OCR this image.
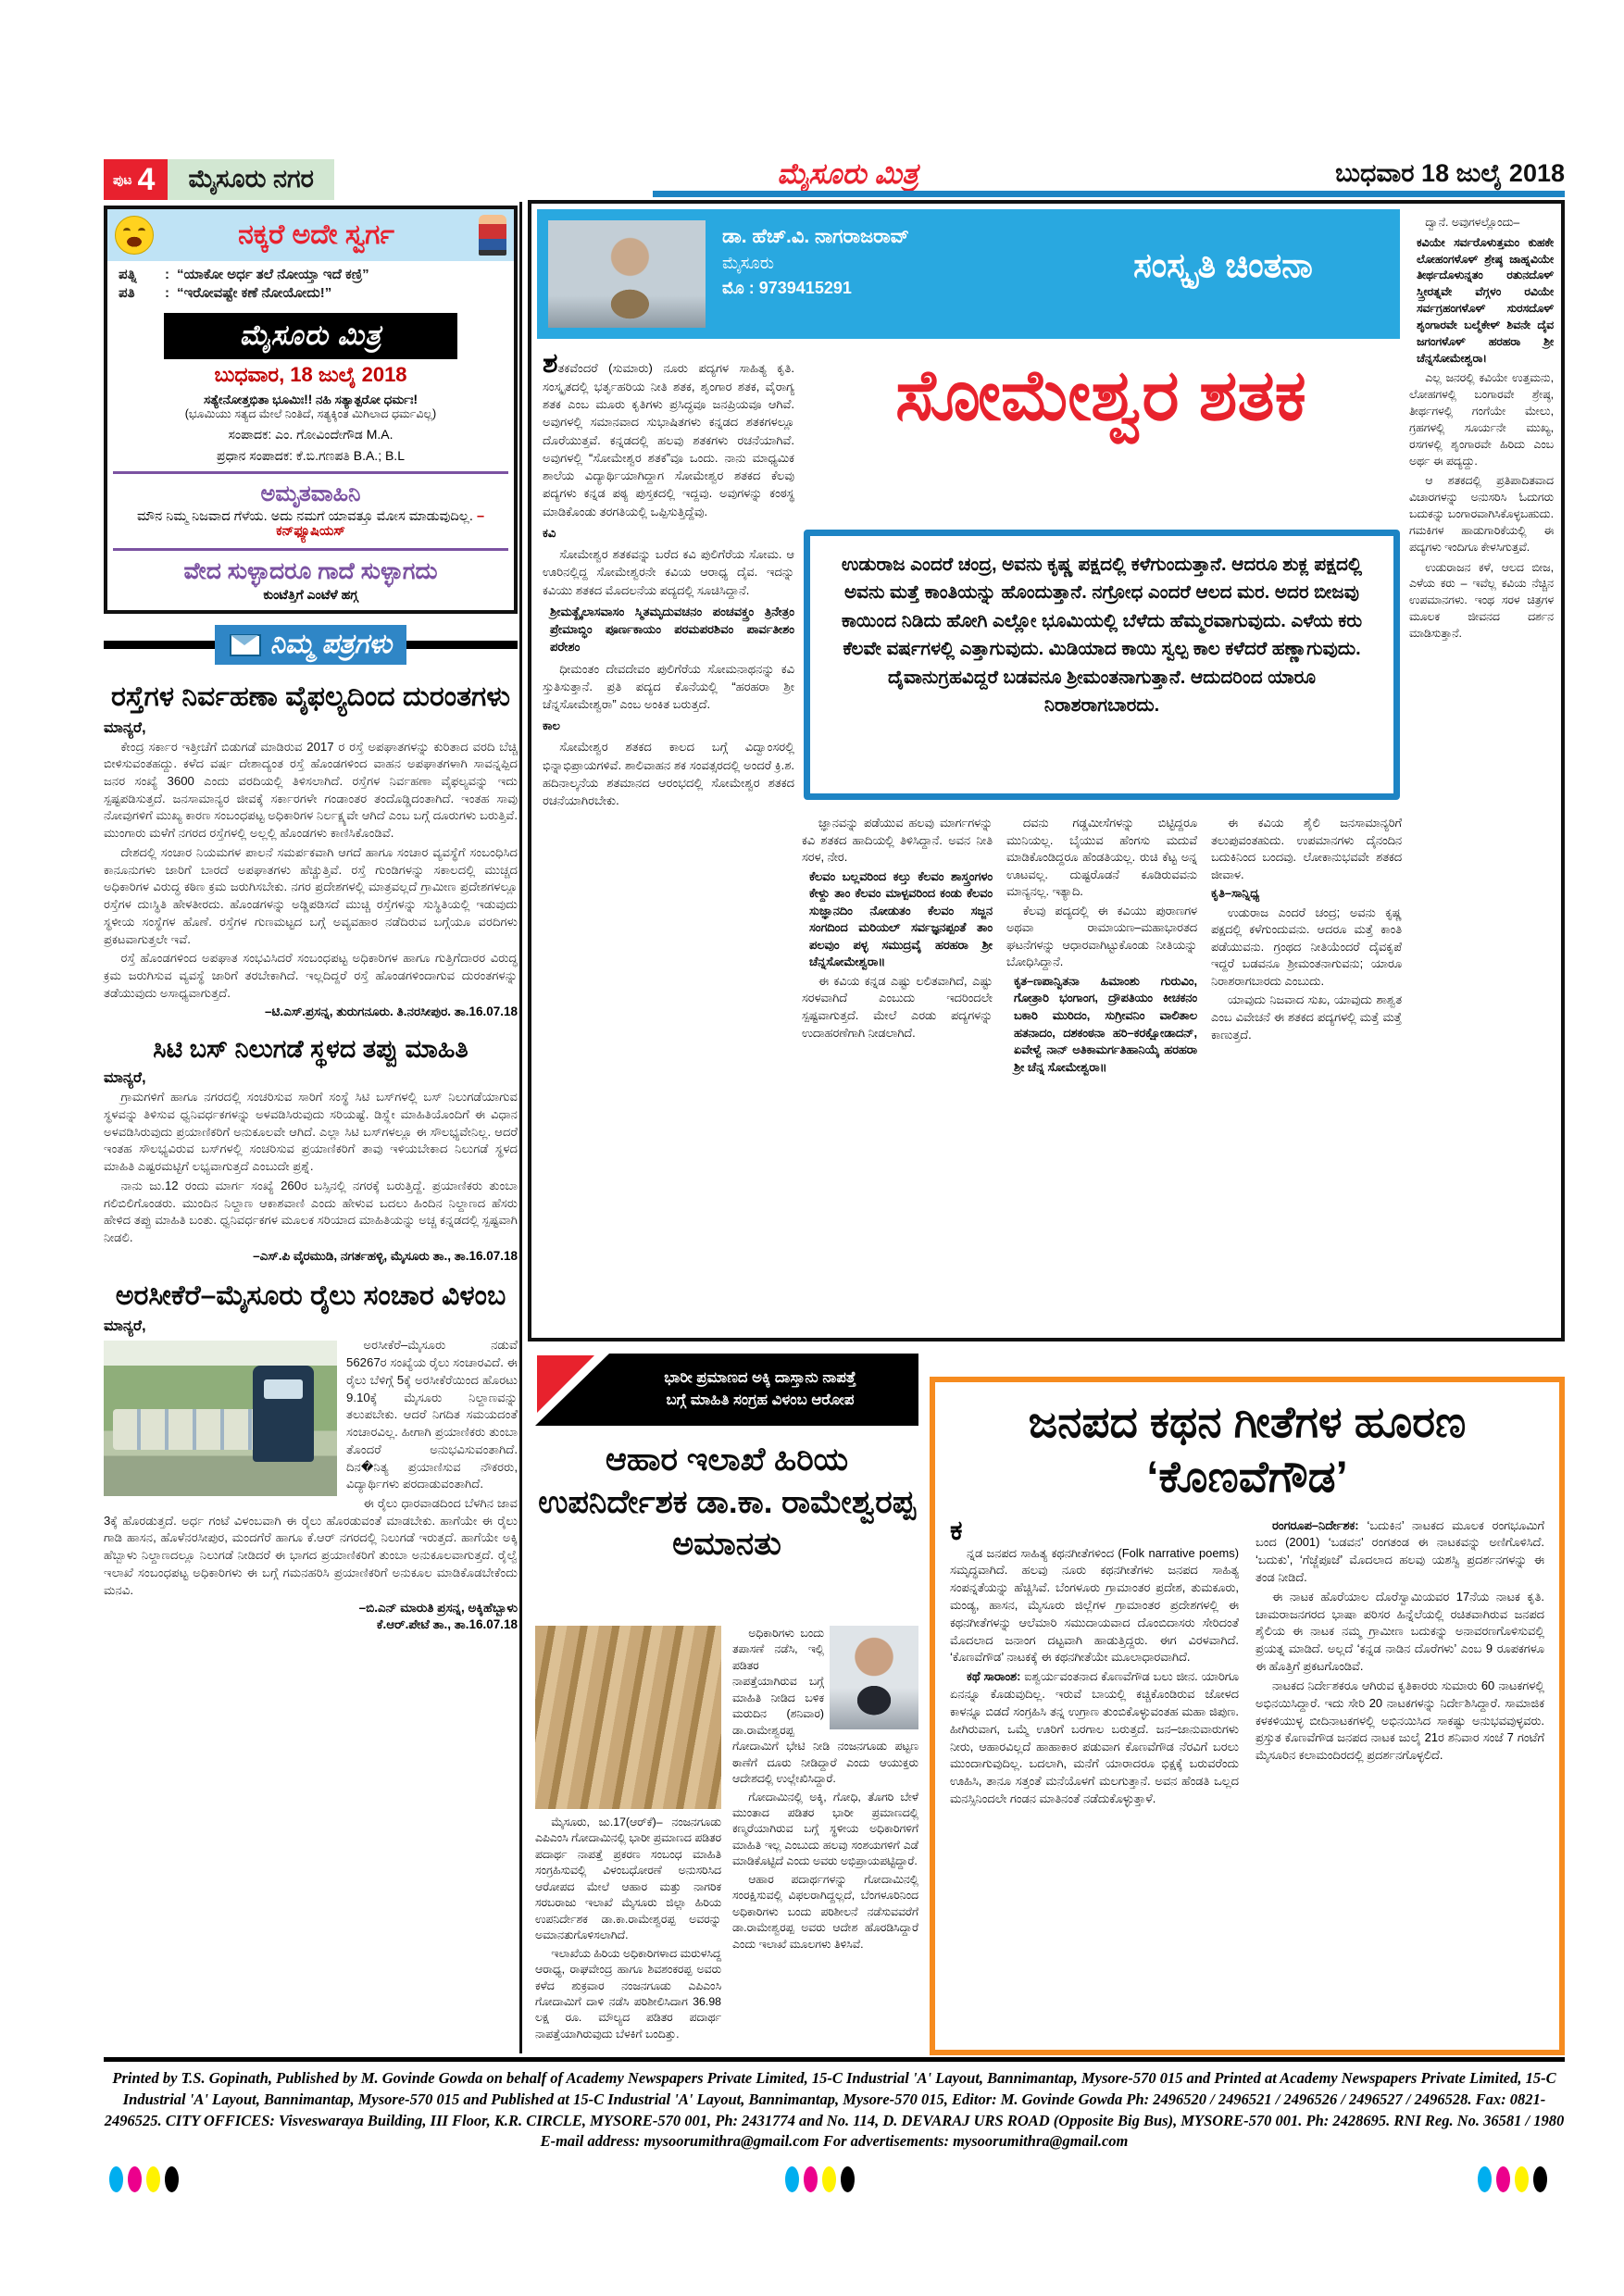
ಪುಟ 4	ಮೈಸೂರು ನಗರ	ಮೈಸೂರು ಮಿತ್ರ	ಬುಧವಾರ 18 ಜುಲೈ 2018
ನಕ್ಕರೆ ಅದೇ ಸ್ವರ್ಗ
ಪತ್ನಿ	: “ಯಾಕೋ ಅರ್ಧ ತಲೆ ನೋಯ್ತಾ ಇದೆ ಕಣ್ರಿ”
ಪತಿ	: “ಇರೋವಷ್ಟೇ ಕಣೆ ನೋಯೋದು!”
ಮೈಸೂರು ಮಿತ್ರ
ಬುಧವಾರ, 18 ಜುಲೈ 2018
ಸತ್ಯೇನೋತ್ತಭಿತಾ ಭೂಮಿಃ!! ನಹಿ ಸತ್ಯಾತ್ಪರೋ ಧರ್ಮಃ!
(ಭೂಮಿಯು ಸತ್ಯದ ಮೇಲೆ ನಿಂತಿದೆ, ಸತ್ಯಕ್ಕಿಂತ ಮಿಗಿಲಾದ ಧರ್ಮವಿಲ್ಲ)
ಸಂಪಾದಕ: ಎಂ. ಗೋವಿಂದೇಗೌಡ M.A.
ಪ್ರಧಾನ ಸಂಪಾದಕ: ಕೆ.ಬಿ.ಗಣಪತಿ B.A.; B.L
ಅಮೃತವಾಹಿನಿ
ಮೌನ ನಿಮ್ಮ ನಿಜವಾದ ಗೆಳೆಯ. ಅದು ನಮಗೆ ಯಾವತ್ತೂ ಮೋಸ ಮಾಡುವುದಿಲ್ಲ. –ಕನ್‌ಫ್ಯೂಷಿಯಸ್
ವೇದ ಸುಳ್ಳಾದರೂ ಗಾದೆ ಸುಳ್ಳಾಗದು
ಕುಂಟೆತ್ತಿಗೆ ಎಂಟೆಳೆ ಹಗ್ಗ
ನಿಮ್ಮ ಪತ್ರಗಳು
ರಸ್ತೆಗಳ ನಿರ್ವಹಣಾ ವೈಫಲ್ಯದಿಂದ ದುರಂತಗಳು
ಮಾನ್ಯರೆ,

ಕೇಂದ್ರ ಸರ್ಕಾರ ಇತ್ತೀಚೆಗೆ ಬಿಡುಗಡೆ ಮಾಡಿರುವ 2017 ರ ರಸ್ತೆ ಅಪಘಾತಗಳನ್ನು ಕುರಿತಾದ ವರದಿ ಬೆಚ್ಚಿ ಬೀಳಿಸುವಂತಹದ್ದು. ಕಳೆದ ವರ್ಷ ದೇಶಾದ್ಯಂತ ರಸ್ತೆ ಹೊಂಡಗಳಿಂದ ವಾಹನ ಅಪಘಾತಗಳಾಗಿ ಸಾವನ್ನಪ್ಪಿದ ಜನರ ಸಂಖ್ಯೆ 3600 ಎಂದು ವರದಿಯಲ್ಲಿ ತಿಳಿಸಲಾಗಿದೆ. ರಸ್ತೆಗಳ ನಿರ್ವಹಣಾ ವೈಫಲ್ಯವನ್ನು ಇದು ಸ್ಪಷ್ಟಪಡಿಸುತ್ತದೆ. ಜನಸಾಮಾನ್ಯರ ಜೀವಕ್ಕೆ ಸರ್ಕಾರಗಳೇ ಗಂಡಾಂತರ ತಂದೊಡ್ಡಿದಂತಾಗಿದೆ. ಇಂತಹ ಸಾವು ನೋವುಗಳಿಗೆ ಮುಖ್ಯ ಕಾರಣ ಸಂಬಂಧಪಟ್ಟ ಅಧಿಕಾರಿಗಳ ನಿರ್ಲಕ್ಷ್ಯವೇ ಆಗಿದೆ ಎಂಬ ಬಗ್ಗೆ ದೂರುಗಳು ಬರುತ್ತಿವೆ. ಮುಂಗಾರು ಮಳೆಗೆ ನಗರದ ರಸ್ತೆಗಳಲ್ಲಿ ಅಲ್ಲಲ್ಲಿ ಹೊಂಡಗಳು ಕಾಣಿಸಿಕೊಂಡಿವೆ.

ದೇಶದಲ್ಲಿ ಸಂಚಾರ ನಿಯಮಗಳ ಪಾಲನೆ ಸಮರ್ಪಕವಾಗಿ ಆಗದೆ ಹಾಗೂ ಸಂಚಾರ ವ್ಯವಸ್ಥೆಗೆ ಸಂಬಂಧಿಸಿದ ಕಾನೂನುಗಳು ಜಾರಿಗೆ ಬಾರದೆ ಅಪಘಾತಗಳು ಹೆಚ್ಚುತ್ತಿವೆ. ರಸ್ತೆ ಗುಂಡಿಗಳನ್ನು ಸಕಾಲದಲ್ಲಿ ಮುಚ್ಚದ ಅಧಿಕಾರಿಗಳ ವಿರುದ್ಧ ಕಠಿಣ ಕ್ರಮ ಜರುಗಿಸಬೇಕು. ನಗರ ಪ್ರದೇಶಗಳಲ್ಲಿ ಮಾತ್ರವಲ್ಲದೆ ಗ್ರಾಮೀಣ ಪ್ರದೇಶಗಳಲ್ಲೂ ರಸ್ತೆಗಳ ದುಃಸ್ಥಿತಿ ಹೇಳತೀರದು. ಹೊಂಡಗಳನ್ನು ಅಡ್ಡಿಪಡಿಸದೆ ಮುಚ್ಚಿ ರಸ್ತೆಗಳನ್ನು ಸುಸ್ಥಿತಿಯಲ್ಲಿ ಇಡುವುದು ಸ್ಥಳೀಯ ಸಂಸ್ಥೆಗಳ ಹೊಣೆ. ರಸ್ತೆಗಳ ಗುಣಮಟ್ಟದ ಬಗ್ಗೆ ಅವ್ಯವಹಾರ ನಡೆದಿರುವ ಬಗ್ಗೆಯೂ ವರದಿಗಳು ಪ್ರಕಟವಾಗುತ್ತಲೇ ಇವೆ.

ರಸ್ತೆ ಹೊಂಡಗಳಿಂದ ಅಪಘಾತ ಸಂಭವಿಸಿದರೆ ಸಂಬಂಧಪಟ್ಟ ಅಧಿಕಾರಿಗಳ ಹಾಗೂ ಗುತ್ತಿಗೆದಾರರ ವಿರುದ್ಧ ಕ್ರಮ ಜರುಗಿಸುವ ವ್ಯವಸ್ಥೆ ಜಾರಿಗೆ ತರಬೇಕಾಗಿದೆ. ಇಲ್ಲದಿದ್ದರೆ ರಸ್ತೆ ಹೊಂಡಗಳಿಂದಾಗುವ ದುರಂತಗಳನ್ನು ತಡೆಯುವುದು ಅಸಾಧ್ಯವಾಗುತ್ತದೆ.

–ಟಿ.ಎಸ್.ಪ್ರಸನ್ನ, ತುರುಗನೂರು. ತಿ.ನರಸೀಪುರ. ತಾ.16.07.18
ಸಿಟಿ ಬಸ್ ನಿಲುಗಡೆ ಸ್ಥಳದ ತಪ್ಪು ಮಾಹಿತಿ
ಮಾನ್ಯರೆ,

ಗ್ರಾಮಗಳಿಗೆ ಹಾಗೂ ನಗರದಲ್ಲಿ ಸಂಚರಿಸುವ ಸಾರಿಗೆ ಸಂಸ್ಥೆ ಸಿಟಿ ಬಸ್‌ಗಳಲ್ಲಿ ಬಸ್ ನಿಲುಗಡೆಯಾಗುವ ಸ್ಥಳವನ್ನು ತಿಳಿಸುವ ಧ್ವನಿವರ್ಧಕಗಳನ್ನು ಅಳವಡಿಸಿರುವುದು ಸರಿಯಷ್ಟೆ. ಡಿಸ್ಪ್ಲೇ ಮಾಹಿತಿಯೊಂದಿಗೆ ಈ ವಿಧಾನ ಅಳವಡಿಸಿರುವುದು ಪ್ರಯಾಣಿಕರಿಗೆ ಅನುಕೂಲವೇ ಆಗಿದೆ. ಎಲ್ಲಾ ಸಿಟಿ ಬಸ್‌ಗಳಲ್ಲೂ ಈ ಸೌಲಭ್ಯವೇನಿಲ್ಲ. ಆದರೆ ಇಂತಹ ಸೌಲಭ್ಯವಿರುವ ಬಸ್‌ಗಳಲ್ಲಿ ಸಂಚರಿಸುವ ಪ್ರಯಾಣಿಕರಿಗೆ ತಾವು ಇಳಿಯಬೇಕಾದ ನಿಲುಗಡೆ ಸ್ಥಳದ ಮಾಹಿತಿ ಎಷ್ಟರಮಟ್ಟಿಗೆ ಲಭ್ಯವಾಗುತ್ತದೆ ಎಂಬುದೇ ಪ್ರಶ್ನೆ.

ನಾನು ಜು.12 ರಂದು ಮಾರ್ಗ ಸಂಖ್ಯೆ 260ರ ಬಸ್ಸಿನಲ್ಲಿ ನಗರಕ್ಕೆ ಬರುತ್ತಿದ್ದೆ. ಪ್ರಯಾಣಿಕರು ತುಂಬಾ ಗಲಿಬಿಲಿಗೊಂಡರು. ಮುಂದಿನ ನಿಲ್ದಾಣ ಆಕಾಶವಾಣಿ ಎಂದು ಹೇಳುವ ಬದಲು ಹಿಂದಿನ ನಿಲ್ದಾಣದ ಹೆಸರು ಹೇಳಿದ ತಪ್ಪು ಮಾಹಿತಿ ಬಂತು. ಧ್ವನಿವರ್ಧಕಗಳ ಮೂಲಕ ಸರಿಯಾದ ಮಾಹಿತಿಯನ್ನು ಅಚ್ಚ ಕನ್ನಡದಲ್ಲಿ ಸ್ಪಷ್ಟವಾಗಿ ನೀಡಲಿ.

–ಎಸ್.ಪಿ ವೈರಮುಡಿ, ನಗರ್ತಹಳ್ಳಿ, ಮೈಸೂರು ತಾ., ತಾ.16.07.18
ಅರಸೀಕೆರೆ–ಮೈಸೂರು ರೈಲು ಸಂಚಾರ ವಿಳಂಬ
ಮಾನ್ಯರೆ,

ಅರಸೀಕೆರೆ–ಮೈಸೂರು ನಡುವೆ 56267ರ ಸಂಖ್ಯೆಯ ರೈಲು ಸಂಚಾರವಿದೆ. ಈ ರೈಲು ಬೆಳಿಗ್ಗೆ 5ಕ್ಕೆ ಅರಸೀಕೆರೆಯಿಂದ ಹೊರಟು 9.10ಕ್ಕೆ ಮೈಸೂರು ನಿಲ್ದಾಣವನ್ನು ತಲುಪಬೇಕು. ಆದರೆ ನಿಗದಿತ ಸಮಯದಂತೆ ಸಂಚಾರವಿಲ್ಲ. ಹೀಗಾಗಿ ಪ್ರಯಾಣಿಕರು ತುಂಬಾ ತೊಂದರೆ ಅನುಭವಿಸುವಂತಾಗಿದೆ. ದಿನ�ನಿತ್ಯ ಪ್ರಯಾಣಿಸುವ ನೌಕರರು, ವಿದ್ಯಾರ್ಥಿಗಳು ಪರದಾಡುವಂತಾಗಿದೆ.

ಈ ರೈಲು ಧಾರವಾಡದಿಂದ ಬೆಳಗಿನ ಜಾವ 3ಕ್ಕೆ ಹೊರಡುತ್ತದೆ. ಅರ್ಧ ಗಂಟೆ ವಿಳಂಬವಾಗಿ ಈ ರೈಲು ಹೊರಡುವಂತೆ ಮಾಡಬೇಕು. ಹಾಗೆಯೇ ಈ ರೈಲು ಗಾಡಿ ಹಾಸನ, ಹೊಳೆನರಸೀಪುರ, ಮಂದಗೆರೆ ಹಾಗೂ ಕೆ.ಆರ್ ನಗರದಲ್ಲಿ ನಿಲುಗಡೆ ಇರುತ್ತದೆ. ಹಾಗೆಯೇ ಅಕ್ಕಿ ಹೆಬ್ಬಾಳು ನಿಲ್ದಾಣದಲ್ಲೂ ನಿಲುಗಡೆ ನೀಡಿದರೆ ಈ ಭಾಗದ ಪ್ರಯಾಣಿಕರಿಗೆ ತುಂಬಾ ಅನುಕೂಲವಾಗುತ್ತದೆ. ರೈಲ್ವೆ ಇಲಾಖೆ ಸಂಬಂಧಪಟ್ಟ ಅಧಿಕಾರಿಗಳು ಈ ಬಗ್ಗೆ ಗಮನಹರಿಸಿ ಪ್ರಯಾಣಿಕರಿಗೆ ಅನುಕೂಲ ಮಾಡಿಕೊಡಬೇಕೆಂದು ಮನವಿ.

–ಬಿ.ಎನ್ ಮಾರುತಿ ಪ್ರಸನ್ನ, ಅಕ್ಕಿಹೆಬ್ಬಾಳು
ಕೆ.ಆರ್.ಪೇಟೆ ತಾ., ತಾ.16.07.18
ಡಾ. ಹೆಚ್.ವಿ. ನಾಗರಾಜರಾವ್
ಮೈಸೂರು
ಮೊ : 9739415291
ಸಂಸ್ಕೃತಿ ಚಿಂತನಾ
ಸೋಮೇಶ್ವರ ಶತಕ
ಉಡುರಾಜ ಎಂದರೆ ಚಂದ್ರ, ಅವನು ಕೃಷ್ಣ ಪಕ್ಷದಲ್ಲಿ ಕಳೆಗುಂದುತ್ತಾನೆ. ಆದರೂ ಶುಕ್ಲ ಪಕ್ಷದಲ್ಲಿ ಅವನು ಮತ್ತೆ ಕಾಂತಿಯನ್ನು ಹೊಂದುತ್ತಾನೆ. ನಗ್ರೋಧ ಎಂದರೆ ಆಲದ ಮರ. ಅದರ ಬೀಜವು ಕಾಯಿಂದ ನಿಡಿದು ಹೋಗಿ ಎಲ್ಲೋ ಭೂಮಿಯಲ್ಲಿ ಬೆಳೆದು ಹೆಮ್ಮರವಾಗುವುದು. ಎಳೆಯ ಕರು ಕೆಲವೇ ವರ್ಷಗಳಲ್ಲಿ ಎತ್ತಾಗುವುದು. ಮಿಡಿಯಾದ ಕಾಯಿ ಸ್ವಲ್ಪ ಕಾಲ ಕಳೆದರೆ ಹಣ್ಣಾಗುವುದು. ದೈವಾನುಗ್ರಹವಿದ್ದರೆ ಬಡವನೂ ಶ್ರೀಮಂತನಾಗುತ್ತಾನೆ. ಆದುದರಿಂದ ಯಾರೂ ನಿರಾಶರಾಗಬಾರದು.

ಶತಕವೆಂದರೆ (ಸುಮಾರು) ನೂರು ಪದ್ಯಗಳ ಸಾಹಿತ್ಯ ಕೃತಿ. ಸಂಸ್ಕೃತದಲ್ಲಿ ಭರ್ತೃಹರಿಯ ನೀತಿ ಶತಕ, ಶೃಂಗಾರ ಶತಕ, ವೈರಾಗ್ಯ ಶತಕ ಎಂಬ ಮೂರು ಕೃತಿಗಳು ಪ್ರಸಿದ್ಧವೂ ಜನಪ್ರಿಯವೂ ಆಗಿವೆ. ಅವುಗಳಲ್ಲಿ ಸಮಾನವಾದ ಸುಭಾಷಿತಗಳು ಕನ್ನಡದ ಶತಕಗಳಲ್ಲೂ ದೊರೆಯುತ್ತವೆ. ಕನ್ನಡದಲ್ಲಿ ಹಲವು ಶತಕಗಳು ರಚನೆಯಾಗಿವೆ. ಅವುಗಳಲ್ಲಿ “ಸೋಮೇಶ್ವರ ಶತಕ”ವೂ ಒಂದು. ನಾನು ಮಾಧ್ಯಮಿಕ ಶಾಲೆಯ ವಿದ್ಯಾರ್ಥಿಯಾಗಿದ್ದಾಗ ಸೋಮೇಶ್ವರ ಶತಕದ ಕೆಲವು ಪದ್ಯಗಳು ಕನ್ನಡ ಪಠ್ಯ ಪುಸ್ತಕದಲ್ಲಿ ಇದ್ದವು. ಅವುಗಳನ್ನು ಕಂಠಸ್ಥ ಮಾಡಿಕೊಂಡು ತರಗತಿಯಲ್ಲಿ ಒಪ್ಪಿಸುತ್ತಿದ್ದೆವು.

ಕವಿ

ಸೋಮೇಶ್ವರ ಶತಕವನ್ನು ಬರೆದ ಕವಿ ಪುಲಿಗೆರೆಯ ಸೋಮ. ಆ ಊರಿನಲ್ಲಿದ್ದ ಸೋಮೇಶ್ವರನೇ ಕವಿಯ ಆರಾಧ್ಯ ದೈವ. ಇದನ್ನು ಕವಿಯು ಶತಕದ ಮೊದಲನೆಯ ಪದ್ಯದಲ್ಲಿ ಸೂಚಿಸಿದ್ದಾನೆ.

ಶ್ರೀಮತ್ಖೈಲಾಸವಾಸಂ ಸ್ಮಿತಮೃದುವಚನಂ ಪಂಚವಕ್ತ್ರಂ ತ್ರಿನೇತ್ರಂ ಪ್ರೇಮಾಬ್ಧಿಂ ಪೂರ್ಣಕಾಯಂ ಪರಮಪರಶಿವಂ ಪಾರ್ವತೀಶಂ ಪರೇಶಂ

ಧೀಮಂತಂ ದೇವದೇವಂ ಪುಲಿಗೆರೆಯ ಸೋಮನಾಥನನ್ನು ಕವಿ ಸ್ತುತಿಸುತ್ತಾನೆ. ಪ್ರತಿ ಪದ್ಯದ ಕೊನೆಯಲ್ಲಿ “ಹರಹರಾ ಶ್ರೀ ಚೆನ್ನಸೋಮೇಶ್ವರಾ” ಎಂಬ ಅಂಕಿತ ಬರುತ್ತದೆ.

ಕಾಲ

ಸೋಮೇಶ್ವರ ಶತಕದ ಕಾಲದ ಬಗ್ಗೆ ವಿದ್ವಾಂಸರಲ್ಲಿ ಭಿನ್ನಾಭಿಪ್ರಾಯಗಳಿವೆ. ಶಾಲಿವಾಹನ ಶಕ ಸಂವತ್ಸರದಲ್ಲಿ ಅಂದರೆ ಕ್ರಿ.ಶ. ಹದಿನಾಲ್ಕನೆಯ ಶತಮಾನದ ಆರಂಭದಲ್ಲಿ ಸೋಮೇಶ್ವರ ಶತಕದ ರಚನೆಯಾಗಿರಬೇಕು.

ಜ್ಞಾನವನ್ನು ಪಡೆಯುವ ಹಲವು ಮಾರ್ಗಗಳನ್ನು ಕವಿ ಶತಕದ ಹಾದಿಯಲ್ಲಿ ತಿಳಿಸಿದ್ದಾನೆ. ಅವನ ನೀತಿ ಸರಳ, ನೇರ.

ಕೆಲವಂ ಬಲ್ಲವರಿಂದ ಕಲ್ತು ಕೆಲವಂ ಶಾಸ್ತ್ರಂಗಳಂ ಕೇಳ್ದು ತಾಂ ಕೆಲವಂ ಮಾಳ್ಪವರಿಂದ ಕಂಡು ಕೆಲವಂ ಸುಜ್ಞಾನದಿಂ ನೋಡುತಂ ಕೆಲವಂ ಸಜ್ಜನ ಸಂಗದಿಂದ ಮರಿಯಲ್ ಸರ್ವಜ್ಞನಪ್ಪಂತೆ ತಾಂ ಪಲವುಂ ಪಳ್ಳ ಸಮುದ್ರವೈ ಹರಹರಾ ಶ್ರೀ ಚೆನ್ನಸೋಮೇಶ್ವರಾ॥

ಈ ಕವಿಯ ಕನ್ನಡ ಎಷ್ಟು ಲಲಿತವಾಗಿದೆ, ಎಷ್ಟು ಸರಳವಾಗಿದೆ ಎಂಬುದು ಇದರಿಂದಲೇ ಸ್ಪಷ್ಟವಾಗುತ್ತದೆ. ಮೇಲೆ ಎರಡು ಪದ್ಯಗಳನ್ನು ಉದಾಹರಣೆಗಾಗಿ ನೀಡಲಾಗಿದೆ.

ದವನು ಗಡ್ಡಮೀಸೆಗಳನ್ನು ಬಿಟ್ಟಿದ್ದರೂ ಮುನಿಯಲ್ಲ. ಬೈಯುವ ಹೆಂಗಸು ಮದುವೆ ಮಾಡಿಕೊಂಡಿದ್ದರೂ ಹೆಂಡತಿಯಲ್ಲ. ರುಚಿ ಕೆಟ್ಟ ಅನ್ನ ಊಟವಲ್ಲ. ದುಷ್ಟರೊಡನೆ ಕೂಡಿರುವವನು ಮಾನ್ಯನಲ್ಲ. ಇತ್ಯಾದಿ.

ಕೆಲವು ಪದ್ಯದಲ್ಲಿ ಈ ಕವಿಯು ಪುರಾಣಗಳ ಅಥವಾ ರಾಮಾಯಣ–ಮಹಾಭಾರತದ ಘಟನೆಗಳನ್ನು ಆಧಾರವಾಗಿಟ್ಟುಕೊಂಡು ನೀತಿಯನ್ನು ಬೋಧಿಸಿದ್ದಾನೆ.

ಕೃತ–ಣಪಾನ್ವಿತನಾ ಹಿಮಾಂಶು ಗುರುವಿಂ, ಗೋತ್ರಾರಿ ಭಂಗಾಂಗ, ದ್ರೌಪತಿಯಂ ಕೀಚಕನಂ ಬಕಾರಿ ಮುರಿದಂ, ಸುಗ್ರೀವನಿಂ ವಾಲಿತಾಲ ಹತನಾದಂ, ದಶಕಂಠನಾ ಹರಿ–ಕರಕ್ಷೋಡಾದನ್, ಏವೇಳ್ವೆ ನಾನ್ ಅತಿಕಾಮರ್ಗತಿಹಾನಿಯ್ಕೆ ಹರಹರಾ ಶ್ರೀ ಚೆನ್ನ ಸೋಮೇಶ್ವರಾ॥

ಈ ಕವಿಯ ಶೈಲಿ ಜನಸಾಮಾನ್ಯರಿಗೆ ತಲುಪುವಂತಹುದು. ಉಪಮಾನಗಳು ದೈನಂದಿನ ಬದುಕಿನಿಂದ ಬಂದವು. ಲೋಕಾನುಭವವೇ ಶತಕದ ಜೀವಾಳ.

ಕೃತಿ–ಸಾನ್ನಿಧ್ಯ

ಉಡುರಾಜ ಎಂದರೆ ಚಂದ್ರ; ಅವನು ಕೃಷ್ಣ ಪಕ್ಷದಲ್ಲಿ ಕಳೆಗುಂದುವನು. ಆದರೂ ಮತ್ತೆ ಕಾಂತಿ ಪಡೆಯುವನು. ಗ್ರಂಥದ ನೀತಿಯೆಂದರೆ ದೈವಕೃಪೆ ಇದ್ದರೆ ಬಡವನೂ ಶ್ರೀಮಂತನಾಗುವನು; ಯಾರೂ ನಿರಾಶರಾಗಬಾರದು ಎಂಬುದು.

ಯಾವುದು ನಿಜವಾದ ಸುಖ, ಯಾವುದು ಶಾಶ್ವತ ಎಂಬ ವಿವೇಚನೆ ಈ ಶತಕದ ಪದ್ಯಗಳಲ್ಲಿ ಮತ್ತೆ ಮತ್ತೆ ಕಾಣುತ್ತದೆ.

ದ್ವಾನೆ. ಅವುಗಳಲ್ಲೊಂದು–

ಕವಿಯೇ ಸರ್ವರೊಳುತ್ತಮಂ ಕುಹಕೇ ಲೋಹಂಗಳೊಳ್ ಶ್ರೇಷ್ಠ ಜಾಹ್ನವಿಯೇ ತೀರ್ಥದೊಳುನ್ನತಂ ರತುನದೊಳ್ ಸ್ತ್ರೀರತ್ನವೇ ವೆಗ್ಗಳಂ ರವಿಯೇ ಸರ್ವಗ್ರಹಂಗಳೊಳ್ ಸುರಸದೊಳ್ ಶೃಂಗಾರವೇ ಬಲ್ಮೆಕೇಳ್ ಶಿವನೇ ದೈವ ಜಗಂಗಳೊಳ್ ಹರಹರಾ ಶ್ರೀ ಚೆನ್ನಸೋಮೇಶ್ವರಾ।

ಎಲ್ಲ ಜನರಲ್ಲಿ ಕವಿಯೇ ಉತ್ತಮನು, ಲೋಹಗಳಲ್ಲಿ ಬಂಗಾರವೇ ಶ್ರೇಷ್ಠ, ತೀರ್ಥಗಳಲ್ಲಿ ಗಂಗೆಯೇ ಮೇಲು, ಗ್ರಹಗಳಲ್ಲಿ ಸೂರ್ಯನೇ ಮುಖ್ಯ, ರಸಗಳಲ್ಲಿ ಶೃಂಗಾರವೇ ಹಿರಿದು ಎಂಬ ಅರ್ಥ ಈ ಪದ್ಯದ್ದು.

ಆ ಶತಕದಲ್ಲಿ ಪ್ರತಿಪಾದಿತವಾದ ವಿಚಾರಗಳನ್ನು ಅನುಸರಿಸಿ ಓದುಗರು ಬದುಕನ್ನು ಬಂಗಾರವಾಗಿಸಿಕೊಳ್ಳಬಹುದು. ಗಮಕಿಗಳ ಹಾಡುಗಾರಿಕೆಯಲ್ಲಿ ಈ ಪದ್ಯಗಳು ಇಂದಿಗೂ ಕೇಳಸಿಗುತ್ತವೆ.

ಉಡುರಾಜನ ಕಳೆ, ಆಲದ ಬೀಜ, ಎಳೆಯ ಕರು – ಇವೆಲ್ಲ ಕವಿಯ ನೆಚ್ಚಿನ ಉಪಮಾನಗಳು. ಇಂಥ ಸರಳ ಚಿತ್ರಗಳ ಮೂಲಕ ಜೀವನದ ದರ್ಶನ ಮಾಡಿಸುತ್ತಾನೆ.

ಭಾರೀ ಪ್ರಮಾಣದ ಅಕ್ಕಿ ದಾಸ್ತಾನು ನಾಪತ್ತೆ
ಬಗ್ಗೆ ಮಾಹಿತಿ ಸಂಗ್ರಹ ವಿಳಂಬ ಆರೋಪ
ಆಹಾರ ಇಲಾಖೆ ಹಿರಿಯ ಉಪನಿರ್ದೇಶಕ ಡಾ.ಕಾ. ರಾಮೇಶ್ವರಪ್ಪ ಅಮಾನತು

ಮೈಸೂರು, ಜು.17(ಆರ್‌ಕೆ)– ನಂಜನಗೂಡು ಎಪಿಎಂಸಿ ಗೋದಾಮಿನಲ್ಲಿ ಭಾರೀ ಪ್ರಮಾಣದ ಪಡಿತರ ಪದಾರ್ಥ ನಾಪತ್ತೆ ಪ್ರಕರಣ ಸಂಬಂಧ ಮಾಹಿತಿ ಸಂಗ್ರಹಿಸುವಲ್ಲಿ ವಿಳಂಬಧೋರಣೆ ಅನುಸರಿಸಿದ ಆರೋಪದ ಮೇಲೆ ಆಹಾರ ಮತ್ತು ನಾಗರಿಕ ಸರಬರಾಜು ಇಲಾಖೆ ಮೈಸೂರು ಜಿಲ್ಲಾ ಹಿರಿಯ ಉಪನಿರ್ದೇಶಕ ಡಾ.ಕಾ.ರಾಮೇಶ್ವರಪ್ಪ ಅವರನ್ನು ಅಮಾನತುಗೊಳಿಸಲಾಗಿದೆ.

ಇಲಾಖೆಯ ಹಿರಿಯ ಅಧಿಕಾರಿಗಳಾದ ಮರುಳಸಿದ್ದ ಆರಾಧ್ಯ, ರಾಘವೇಂದ್ರ ಹಾಗೂ ಶಿವಶಂಕರಪ್ಪ ಅವರು ಕಳೆದ ಶುಕ್ರವಾರ ನಂಜನಗೂಡು ಎಪಿಎಂಸಿ ಗೋದಾಮಿಗೆ ದಾಳಿ ನಡೆಸಿ ಪರಿಶೀಲಿಸಿದಾಗ 36.98 ಲಕ್ಷ ರೂ. ಮೌಲ್ಯದ ಪಡಿತರ ಪದಾರ್ಥ ನಾಪತ್ತೆಯಾಗಿರುವುದು ಬೆಳಕಿಗೆ ಬಂದಿತ್ತು.

ಅಧಿಕಾರಿಗಳು ಬಂದು ತಪಾಸಣೆ ನಡೆಸಿ, ಇಲ್ಲಿ ಪಡಿತರ ನಾಪತ್ತೆಯಾಗಿರುವ ಬಗ್ಗೆ ಮಾಹಿತಿ ನೀಡಿದ ಬಳಿಕ ಮರುದಿನ (ಶನಿವಾರ) ಡಾ.ರಾಮೇಶ್ವರಪ್ಪ ಗೋದಾಮಿಗೆ ಭೇಟಿ ನೀಡಿ ನಂಜನಗೂಡು ಪಟ್ಟಣ ಠಾಣೆಗೆ ದೂರು ನೀಡಿದ್ದಾರೆ ಎಂದು ಆಯುಕ್ತರು ಆದೇಶದಲ್ಲಿ ಉಲ್ಲೇಖಿಸಿದ್ದಾರೆ.

ಗೋದಾಮಿನಲ್ಲಿ ಅಕ್ಕಿ, ಗೋಧಿ, ತೊಗರಿ ಬೇಳೆ ಮುಂತಾದ ಪಡಿತರ ಭಾರೀ ಪ್ರಮಾಣದಲ್ಲಿ ಕಣ್ಮರೆಯಾಗಿರುವ ಬಗ್ಗೆ ಸ್ಥಳೀಯ ಅಧಿಕಾರಿಗಳಿಗೆ ಮಾಹಿತಿ ಇಲ್ಲ ಎಂಬುದು ಹಲವು ಸಂಶಯಗಳಿಗೆ ಎಡೆ ಮಾಡಿಕೊಟ್ಟಿದೆ ಎಂದು ಅವರು ಅಭಿಪ್ರಾಯಪಟ್ಟಿದ್ದಾರೆ.

ಆಹಾರ ಪದಾರ್ಥಗಳನ್ನು ಗೋದಾಮಿನಲ್ಲಿ ಸಂರಕ್ಷಿಸುವಲ್ಲಿ ವಿಫಲರಾಗಿದ್ದಲ್ಲದೆ, ಬೆಂಗಳೂರಿನಿಂದ ಅಧಿಕಾರಿಗಳು ಬಂದು ಪರಿಶೀಲನೆ ನಡೆಸುವವರೆಗೆ ಡಾ.ರಾಮೇಶ್ವರಪ್ಪ ಅವರು ಆದೇಶ ಹೊರಡಿಸಿದ್ದಾರೆ ಎಂದು ಇಲಾಖೆ ಮೂಲಗಳು ತಿಳಿಸಿವೆ.

ಜನಪದ ಕಥನ ಗೀತೆಗಳ ಹೂರಣ ‘ಕೊಣವೆಗೌಡ’
ಕ

ನ್ನಡ ಜನಪದ ಸಾಹಿತ್ಯ ಕಥನಗೀತೆಗಳಿಂದ (Folk narrative poems) ಸಮೃದ್ಧವಾಗಿದೆ. ಹಲವು ನೂರು ಕಥನಗೀತೆಗಳು ಜನಪದ ಸಾಹಿತ್ಯ ಸಂಪನ್ನತೆಯನ್ನು ಹೆಚ್ಚಿಸಿವೆ. ಬೆಂಗಳೂರು ಗ್ರಾಮಾಂತರ ಪ್ರದೇಶ, ತುಮಕೂರು, ಮಂಡ್ಯ, ಹಾಸನ, ಮೈಸೂರು ಜಿಲ್ಲೆಗಳ ಗ್ರಾಮಾಂತರ ಪ್ರದೇಶಗಳಲ್ಲಿ ಈ ಕಥನಗೀತೆಗಳನ್ನು ಆಲೆಮಾರಿ ಸಮುದಾಯವಾದ ದೊಂಬಿದಾಸರು ಸೇರಿದಂತೆ ಮೊದಲಾದ ಜನಾಂಗ ದಟ್ಟವಾಗಿ ಹಾಡುತ್ತಿದ್ದರು. ಈಗ ವಿರಳವಾಗಿದೆ. ‘ಕೊಣವೆಗೌಡ’ ನಾಟಕಕ್ಕೆ ಈ ಕಥನಗೀತೆಯೇ ಮೂಲಾಧಾರವಾಗಿದೆ.

ಕಥೆ ಸಾರಾಂಶ: ಐಶ್ವರ್ಯವಂತನಾದ ಕೊಣವೆಗೌಡ ಬಲು ಜೀನ. ಯಾರಿಗೂ ಏನನ್ನೂ ಕೊಡುವುದಿಲ್ಲ. ಇರುವೆ ಬಾಯಲ್ಲಿ ಕಚ್ಚಿಕೊಂಡಿರುವ ಜೋಳದ ಕಾಳನ್ನೂ ಬಿಡದೆ ಸಂಗ್ರಹಿಸಿ ತನ್ನ ಉಗ್ರಾಣ ತುಂಬಿಕೊಳ್ಳುವಂತಹ ಮಹಾ ಜಿಪುಣ. ಹೀಗಿರುವಾಗ, ಒಮ್ಮೆ ಊರಿಗೆ ಬರಗಾಲ ಬರುತ್ತದೆ. ಜನ–ಜಾನುವಾರುಗಳು ನೀರು, ಆಹಾರವಿಲ್ಲದೆ ಹಾಹಾಕಾರ ಪಡುವಾಗ ಕೊಣವೆಗೌಡ ನೆರವಿಗೆ ಬರಲು ಮುಂದಾಗುವುದಿಲ್ಲ. ಬದಲಾಗಿ, ಮನೆಗೆ ಯಾರಾದರೂ ಭಿಕ್ಷಕ್ಕೆ ಬರುವರೆಂದು ಊಹಿಸಿ, ತಾನೂ ಸತ್ತಂತೆ ಮನೆಯೊಳಗೆ ಮಲಗುತ್ತಾನೆ. ಅವನ ಹೆಂಡತಿ ಒಲ್ಲದ ಮನಸ್ಸಿನಿಂದಲೇ ಗಂಡನ ಮಾತಿನಂತೆ ನಡೆದುಕೊಳ್ಳುತ್ತಾಳೆ.

ರಂಗರೂಪ–ನಿರ್ದೇಶಕ: ‘ಬದುಕಿನ’ ನಾಟಕದ ಮೂಲಕ ರಂಗಭೂಮಿಗೆ ಬಂದ (2001) ‘ಬಡವನ’ ರಂಗತಂಡ ಈ ನಾಟಕವನ್ನು ಅಣಿಗೊಳಿಸಿದೆ. ‘ಬದುಕು’, ‘ಗೆಜ್ಜೆಪೂಜೆ’ ಮೊದಲಾದ ಹಲವು ಯಶಸ್ವಿ ಪ್ರದರ್ಶನಗಳನ್ನು ಈ ತಂಡ ನೀಡಿದೆ.

ಈ ನಾಟಕ ಹೊರೆಯಾಲ ದೊರೆಸ್ವಾಮಿಯವರ 17ನೆಯ ನಾಟಕ ಕೃತಿ. ಚಾಮರಾಜನಗರದ ಭಾಷಾ ಪರಿಸರ ಹಿನ್ನೆಲೆಯಲ್ಲಿ ರಚಿತವಾಗಿರುವ ಜನಪದ ಶೈಲಿಯ ಈ ನಾಟಕ ನಮ್ಮ ಗ್ರಾಮೀಣ ಬದುಕನ್ನು ಅನಾವರಣಗೊಳಿಸುವಲ್ಲಿ ಪ್ರಯತ್ನ ಮಾಡಿದೆ. ಅಲ್ಲದೆ ‘ಕನ್ನಡ ನಾಡಿನ ದೊರೆಗಳು’ ಎಂಬ 9 ರೂಪಕಗಳೂ ಈ ಹೊತ್ತಿಗೆ ಪ್ರಕಟಗೊಂಡಿವೆ.

ನಾಟಕದ ನಿರ್ದೇಶಕರೂ ಆಗಿರುವ ಕೃತಿಕಾರರು ಸುಮಾರು 60 ನಾಟಕಗಳಲ್ಲಿ ಅಭಿನಯಿಸಿದ್ದಾರೆ. ಇದು ಸೇರಿ 20 ನಾಟಕಗಳನ್ನು ನಿರ್ದೇಶಿಸಿದ್ದಾರೆ. ಸಾಮಾಜಿಕ ಕಳಕಳಿಯುಳ್ಳ ಬೀದಿನಾಟಕಗಳಲ್ಲಿ ಅಭಿನಯಿಸಿದ ಸಾಕಷ್ಟು ಅನುಭವವುಳ್ಳವರು. ಪ್ರಸ್ತುತ ಕೊಣವೆಗೌಡ ಜನಪದ ನಾಟಕ ಜುಲೈ 21ರ ಶನಿವಾರ ಸಂಜೆ 7 ಗಂಟೆಗೆ ಮೈಸೂರಿನ ಕಲಾಮಂದಿರದಲ್ಲಿ ಪ್ರದರ್ಶನಗೊಳ್ಳಲಿದೆ.

Printed by T.S. Gopinath, Published by M. Govinde Gowda on behalf of Academy Newspapers Private Limited, 15-C Industrial 'A' Layout, Bannimantap, Mysore-570 015 and Printed at Academy Newspapers Private Limited, 15-C Industrial 'A' Layout, Bannimantap, Mysore-570 015 and Published at 15-C Industrial 'A' Layout, Bannimantap, Mysore-570 015, Editor: M. Govinde Gowda Ph: 2496520 / 2496521 / 2496526 / 2496527 / 2496528. Fax: 0821-2496525. CITY OFFICES: Visveswaraya Building, III Floor, K.R. CIRCLE, MYSORE-570 001, Ph: 2431774 and No. 114, D. DEVARAJ URS ROAD (Opposite Big Bus), MYSORE-570 001. Ph: 2428695. RNI Reg. No. 36581 / 1980 E-mail address: mysoorumithra@gmail.com For advertisements: mysoorumithra@gmail.com
